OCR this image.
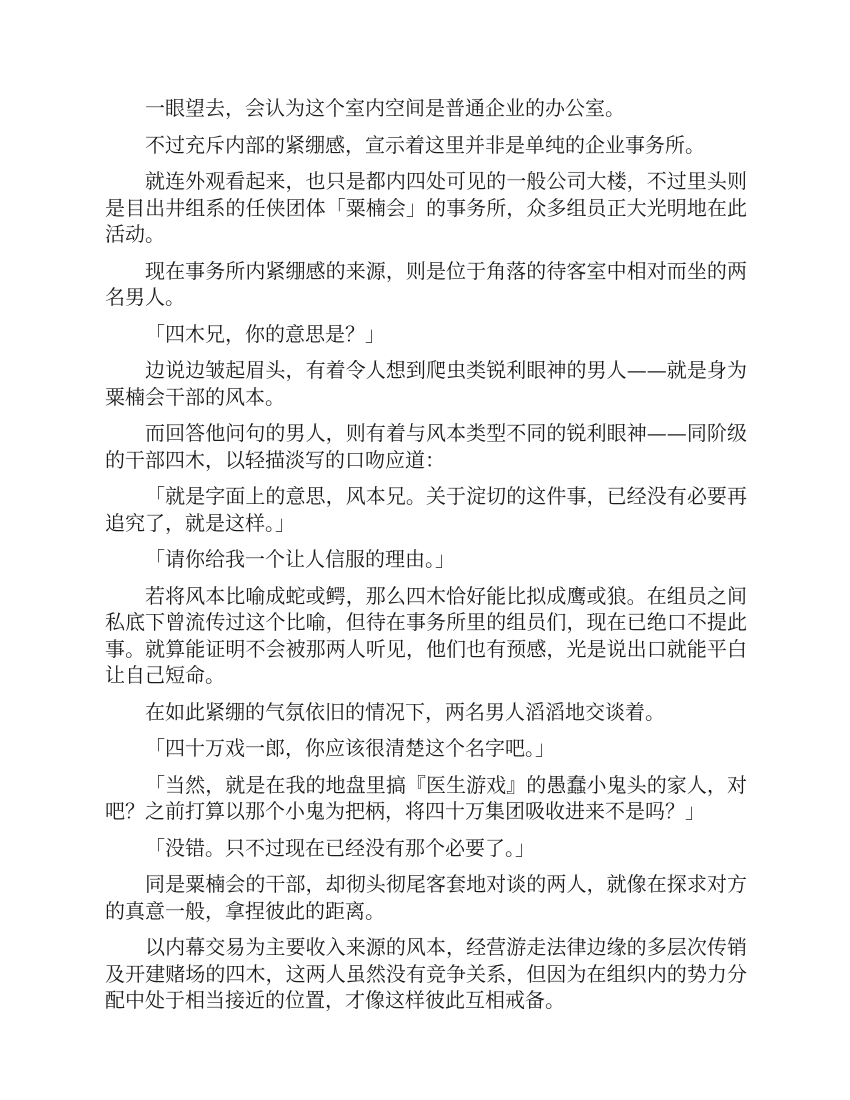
一眼望去，会认为这个室内空间是普通企业的办公室。

不过充斥内部的紧绷感，宣示着这里并非是单纯的企业事务所。

就连外观看起来，也只是都内四处可见的一般公司大楼，不过里头则是目出井组系的任侠团体「粟楠会」的事务所，众多组员正大光明地在此活动。

现在事务所内紧绷感的来源，则是位于角落的待客室中相对而坐的两名男人。

「四木兄，你的意思是？」

边说边皱起眉头，有着令人想到爬虫类锐利眼神的男人——就是身为粟楠会干部的风本。

而回答他问句的男人，则有着与风本类型不同的锐利眼神——同阶级的干部四木，以轻描淡写的口吻应道：

「就是字面上的意思，风本兄。关于淀切的这件事，已经没有必要再追究了，就是这样。」

「请你给我一个让人信服的理由。」

若将风本比喻成蛇或鳄，那么四木恰好能比拟成鹰或狼。在组员之间私底下曾流传过这个比喻，但待在事务所里的组员们，现在已绝口不提此事。就算能证明不会被那两人听见，他们也有预感，光是说出口就能平白让自己短命。

在如此紧绷的气氛依旧的情况下，两名男人滔滔地交谈着。

「四十万戏一郎，你应该很清楚这个名字吧。」

「当然，就是在我的地盘里搞『医生游戏』的愚蠢小鬼头的家人，对吧？之前打算以那个小鬼为把柄，将四十万集团吸收进来不是吗？」

「没错。只不过现在已经没有那个必要了。」

同是粟楠会的干部，却彻头彻尾客套地对谈的两人，就像在探求对方的真意一般，拿捏彼此的距离。

以内幕交易为主要收入来源的风本，经营游走法律边缘的多层次传销及开建赌场的四木，这两人虽然没有竞争关系，但因为在组织内的势力分配中处于相当接近的位置，才像这样彼此互相戒备。
